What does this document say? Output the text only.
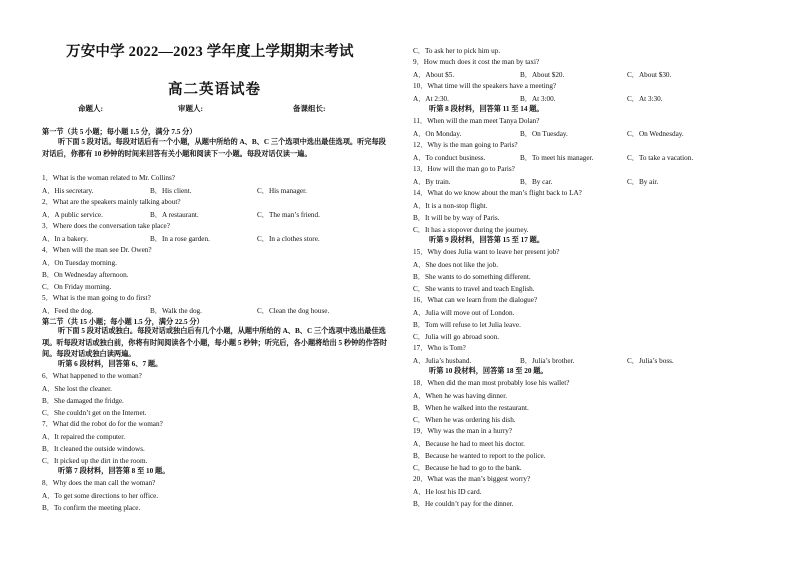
万安中学 2022—2023 学年度上学期期末考试
高二英语试卷
命题人:	审题人:	备课组长:
第一节（共 5 小题；每小题 1.5 分，满分 7.5 分）
听下面 5 段对话。每段对话后有一个小题，从题中所给的 A、B、C 三个选项中选出最佳选项。听完每段对话后，你都有 10 秒钟的时间来回答有关小题和阅读下一小题。每段对话仅读一遍。
1．What is the woman related to Mr. Collins?
A．His secretary.	B．His client.	C．His manager.
2．What are the speakers mainly talking about?
A．A public service.	B．A restaurant.	C．The man’s friend.
3．Where does the conversation take place?
A．In a bakery.	B．In a rose garden.	C．In a clothes store.
4．When will the man see Dr. Owen?
A．On Tuesday morning.
B．On Wednesday afternoon.
C．On Friday morning.
5．What is the man going to do first?
A．Feed the dog.	B．Walk the dog.	C．Clean the dog house.
第二节（共 15 小题；每小题 1.5 分，满分 22.5 分）
听下面 5 段对话或独白。每段对话或独白后有几个小题，从题中所给的 A、B、C 三个选项中选出最佳选项。听每段对话或独白前，你将有时间阅读各个小题，每小题 5 秒钟；听完后，各小题将给出 5 秒钟的作答时间。每段对话或独白读两遍。
听第 6 段材料，回答第 6、7 题。
6．What happened to the woman?
A．She lost the cleaner.
B．She damaged the fridge.
C．She couldn’t get on the Internet.
7．What did the robot do for the woman?
A．It repaired the computer.
B．It cleaned the outside windows.
C．It picked up the dirt in the room.
听第 7 段材料，回答第 8 至 10 题。
8．Why does the man call the woman?
A．To get some directions to her office.
B．To confirm the meeting place.
C．To ask her to pick him up.
9．How much does it cost the man by taxi?
A．About $5.	B．About $20.	C．About $30.
10．What time will the speakers have a meeting?
A．At 2:30.	B．At 3:00.	C．At 3:30.
听第 8 段材料，回答第 11 至 14 题。
11．When will the man meet Tanya Dolan?
A．On Monday.	B．On Tuesday.	C．On Wednesday.
12．Why is the man going to Paris?
A．To conduct business.	B．To meet his manager.	C．To take a vacation.
13．How will the man go to Paris?
A．By train.	B．By car.	C．By air.
14．What do we know about the man’s flight back to LA?
A．It is a non-stop flight.
B．It will be by way of Paris.
C．It has a stopover during the journey.
听第 9 段材料，回答第 15 至 17 题。
15．Why does Julia want to leave her present job?
A．She does not like the job.
B．She wants to do something different.
C．She wants to travel and teach English.
16．What can we learn from the dialogue?
A．Julia will move out of London.
B．Tom will refuse to let Julia leave.
C．Julia will go abroad soon.
17．Who is Tom?
A．Julia’s husband.	B．Julia’s brother.	C．Julia’s boss.
听第 10 段材料，回答第 18 至 20 题。
18．When did the man most probably lose his wallet?
A．When he was having dinner.
B．When he walked into the restaurant.
C．When he was ordering his dish.
19．Why was the man in a hurry?
A．Because he had to meet his doctor.
B．Because he wanted to report to the police.
C．Because he had to go to the bank.
20．What was the man’s biggest worry?
A．He lost his ID card.
B．He couldn’t pay for the dinner.
